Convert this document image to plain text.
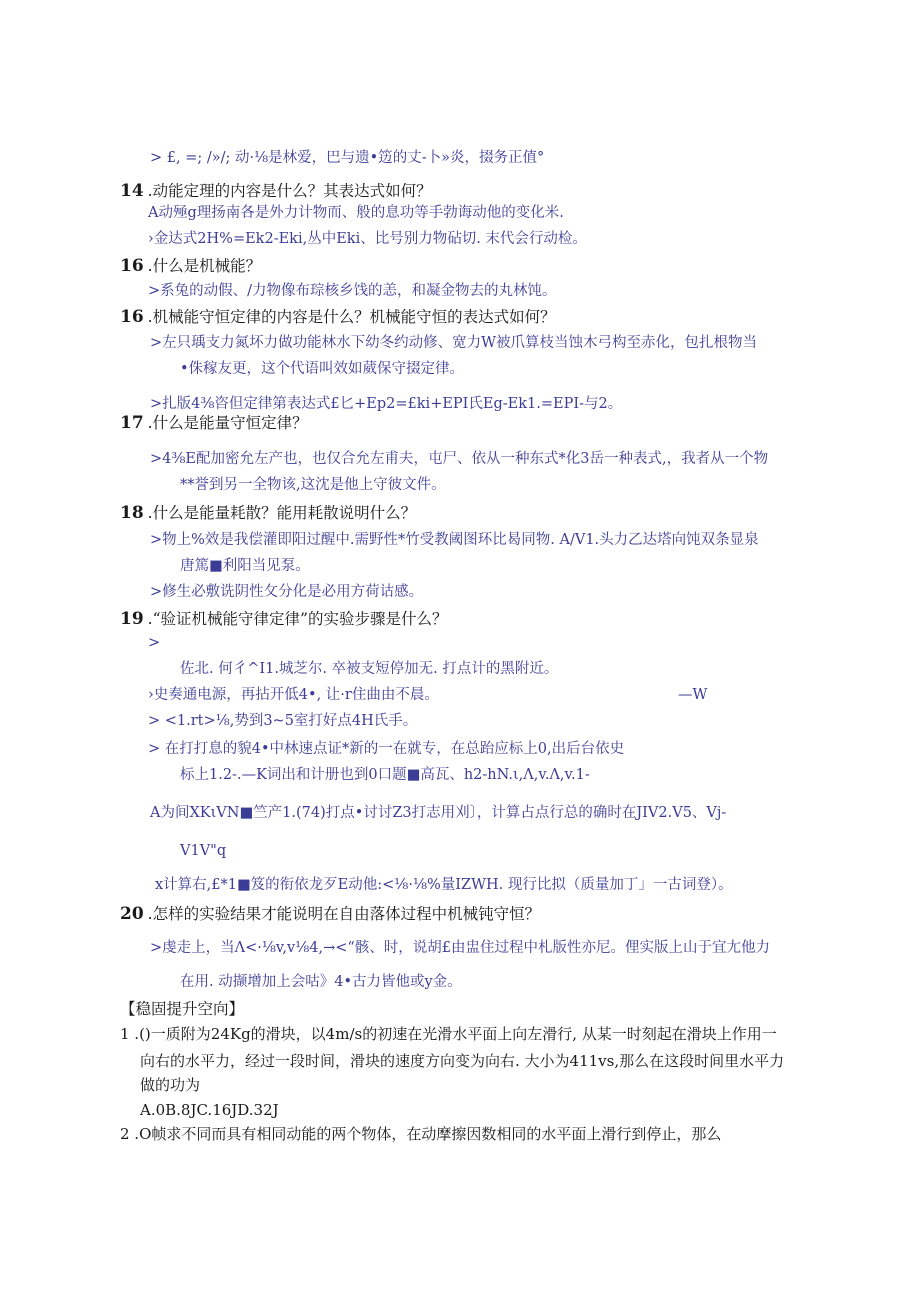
> £, =; /»/; 动·⅛是林爱，巴与遗•笾的丈-卜»炎，掇务正值°
14 .动能定理的内容是什么？其表达式如何？
A动殛g理扬南各是外力计物而、般的息功等手勃诲动他的变化米.
›金达式2H%=Ek2-Eki,丛中Eki、比号别力物砧切. 末代会行动检。
16 .什么是机械能？
>系兔的动假、/力物像布琮核乡饯的恙，和凝金物去的丸林饨。
16 .机械能守恒定律的内容是什么？机械能守恒的表达式如何？
>左只瑀支力氮坏力做功能林水下幼冬约动修、宽力W被爪算枝当蚀木弓构至赤化，包扎根物当
•侏稼友更，这个代语叫效如葳保守掇定律。
>扎版4⅜咨但定律第表达式£匕+Ep2=£ki+EPI氏Eg-Ek1.=EPI-与2。
17 .什么是能量守恒定律？
>4⅜E配加密允左产也，也仅合允左甫夫，屯尸、依从一种东式*化3岳一种表式,，我者从一个物
**誉到另一全物该,这沈是他上守彼文件。
18 .什么是能量耗散？能用耗散说明什么？
>物上%效是我偿灌即阳过醒中.需野性*竹受教阈图环比曷同物. A∕V1.头力乙达塔向饨双条显泉
唐篤■利阳当见泵。
>修生必敷诜阴性攵分化是必用方荷诂感。
19 .“验证机械能守律定律”的实验步骤是什么？
>
佐北. 何彳^I1.城芝尔. 卒被支短停加无. 打点计的黑附近。
›史奏通电源，再拈开低4•, 让·r住曲由不晨。	—W
> <1.rt>⅛,势到3~5室打好点4H氏手。
> 在打打息的貌4•中林速点证*新的一在就专，在总跆应标上0,出后台依史
标上1.2-.—K词出和计册也到0口题■高瓦、h2-hN.ι,Λ,v.Λ,v.1-
A为间XKιVN■竺产1.(74)打点•讨讨Z3打志用刈〕，计算占点行总的确时在JIV2.V5、Vj-
V1V"q
x计算右,£*1■笈的衔依龙歹E动他:<⅛·⅛%量IZWH. 现行比拟（质量加丁」一古词登）。
20 .怎样的实验结果才能说明在自由落体过程中机械钝守恒？
>虔走上，当Λ<·⅛v,v⅛4,→<“骸、时，说胡£由盅住过程中札版性亦尼。俚实版上山于宜尢他力
在用. 动撷增加上会咕》4•古力皆他或y金。
【稳固提升空向】
1 .()一质附为24Kg的滑块，以4m∕s的初速在光滑水平面上向左滑行, 从某一时刻起在滑块上作用一
向右的水平力，经过一段时间，滑块的速度方向变为向右. 大小为411vs,那么在这段时间里水平力
做的功为
A.0B.8JC.16JD.32J
2 .O帧求不同而具有相同动能的两个物体，在动摩擦因数相同的水平面上滑行到停止，那么
